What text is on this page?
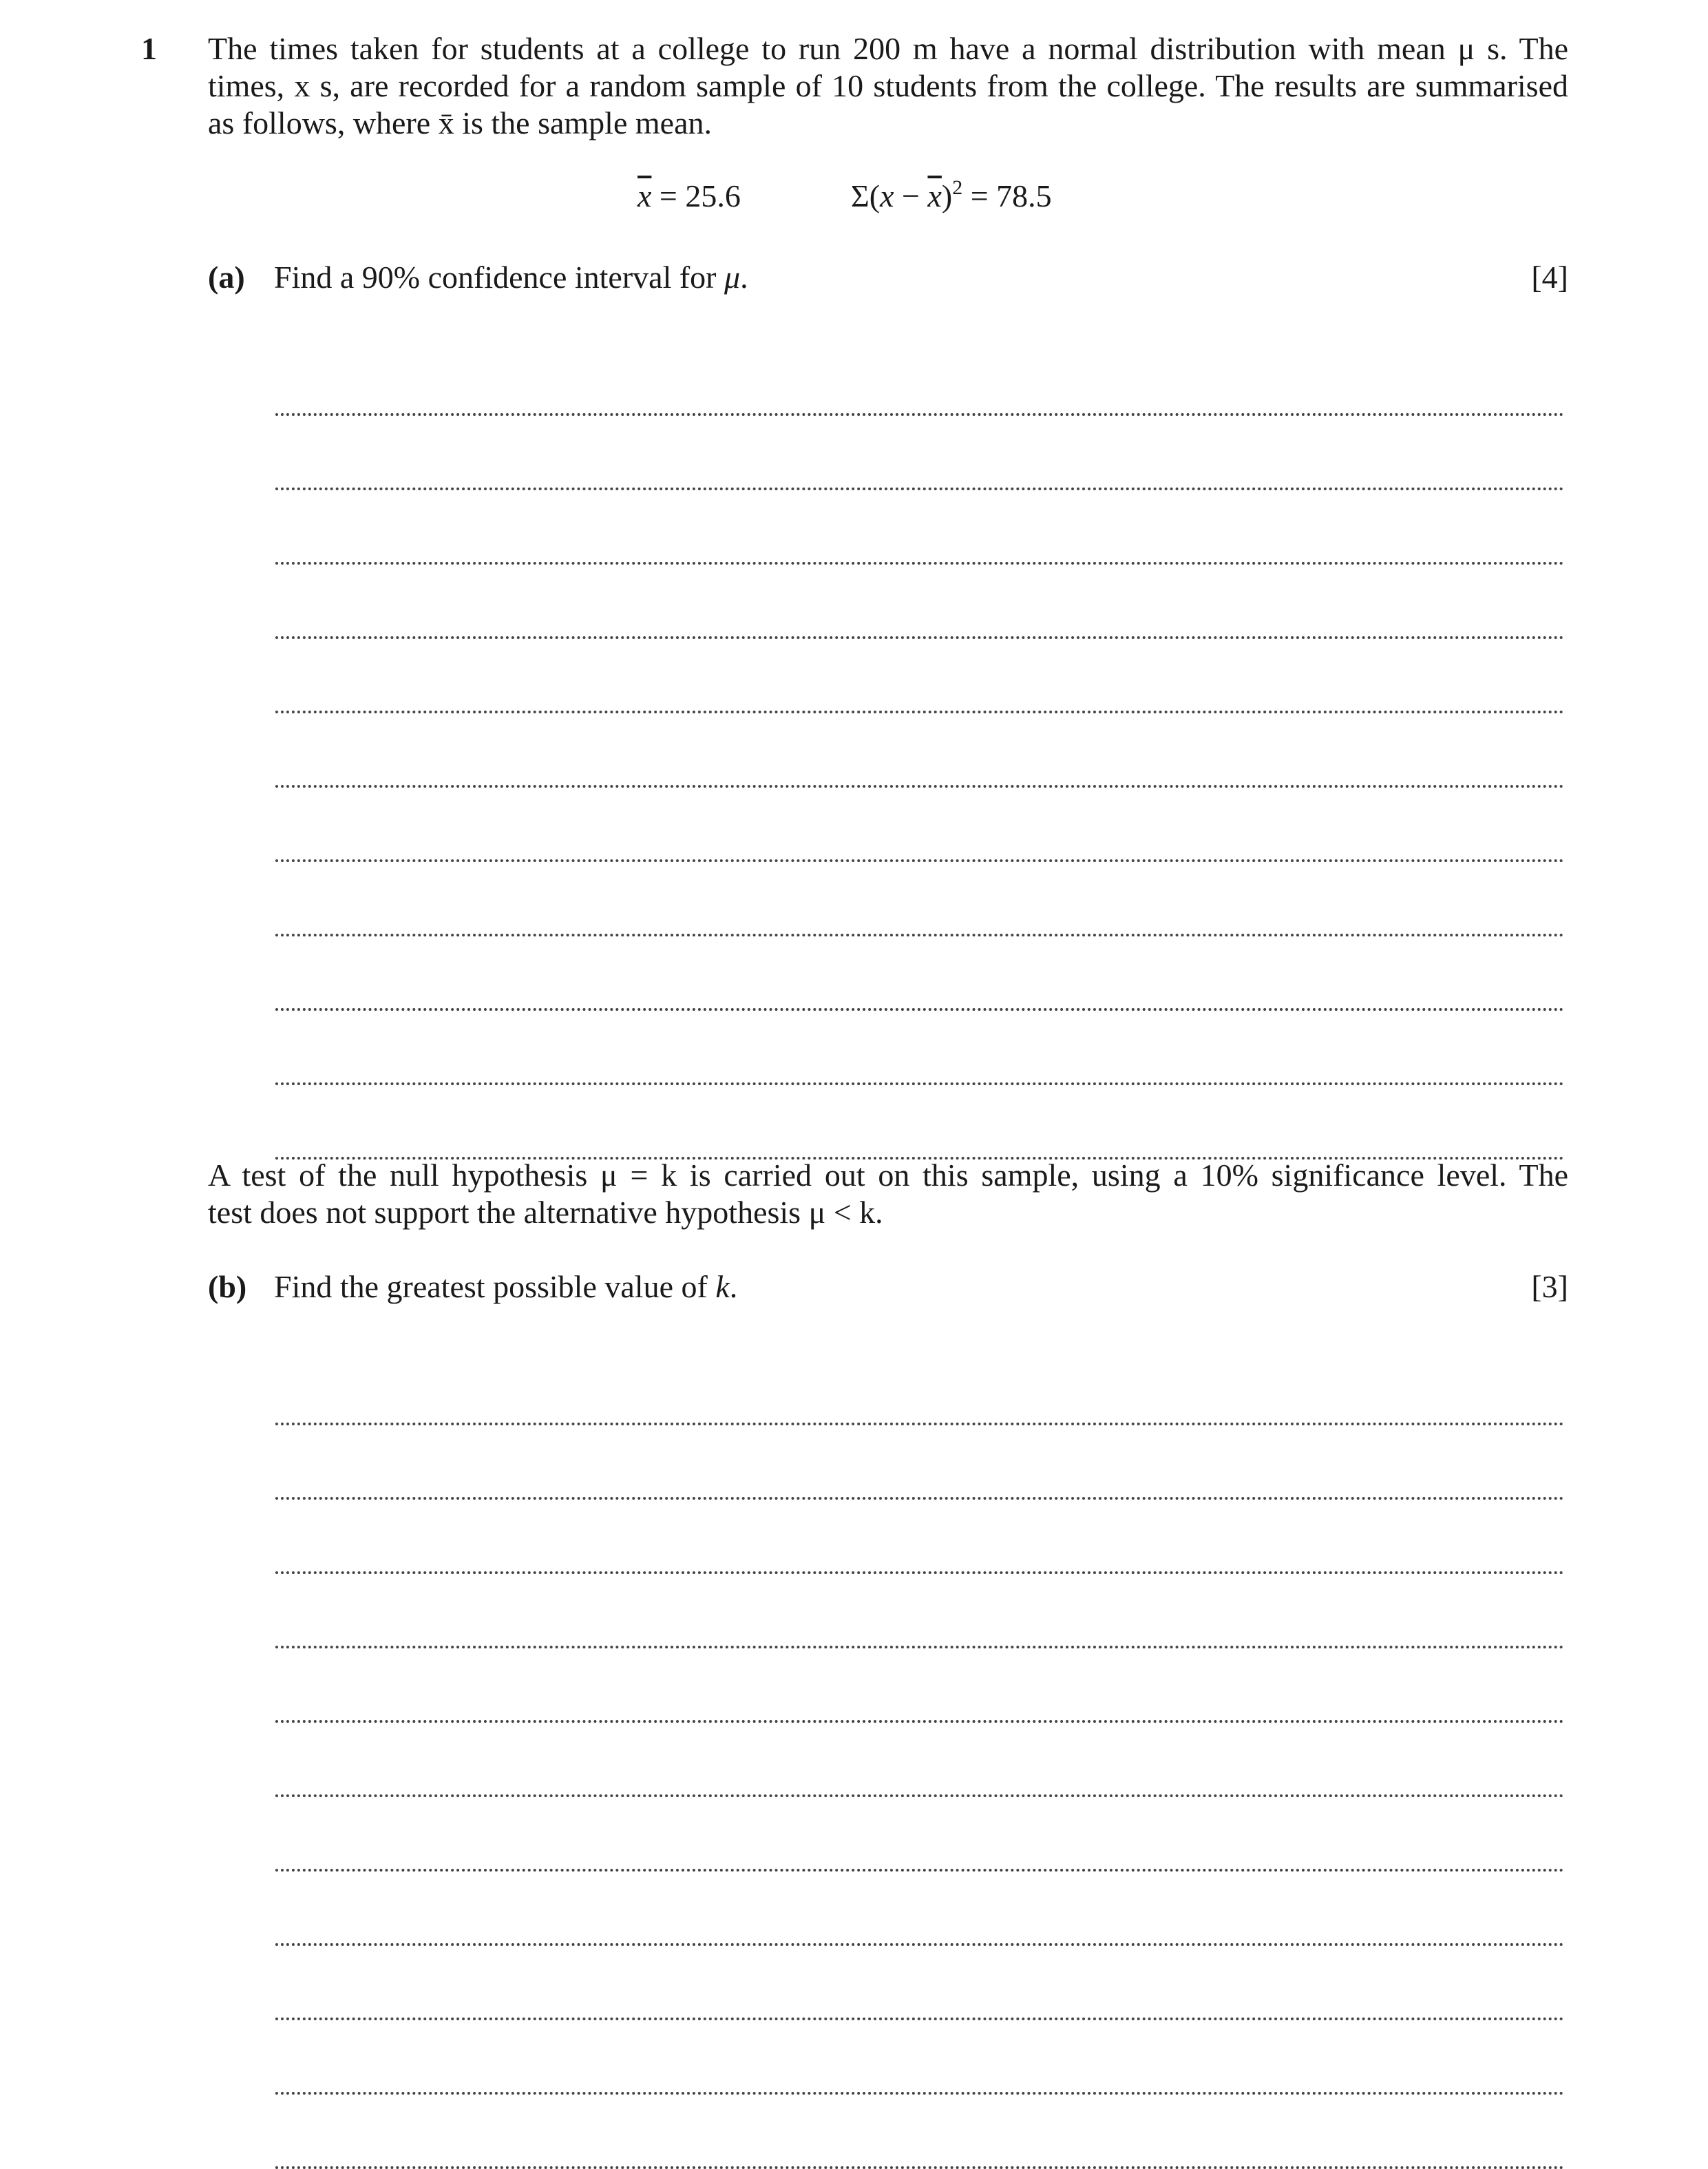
1 The times taken for students at a college to run 200 m have a normal distribution with mean μ s. The
times, x s, are recorded for a random sample of 10 students from the college. The results are summarised
as follows, where x̄ is the sample mean.
$\overline{x} = 25.6$	$\Sigma(x - \overline{x})^2 = 78.5$
(a) Find a 90% confidence interval for μ.	[4]
A test of the null hypothesis μ = k is carried out on this sample, using a 10% significance level. The
test does not support the alternative hypothesis μ < k.
(b) Find the greatest possible value of k.	[3]
